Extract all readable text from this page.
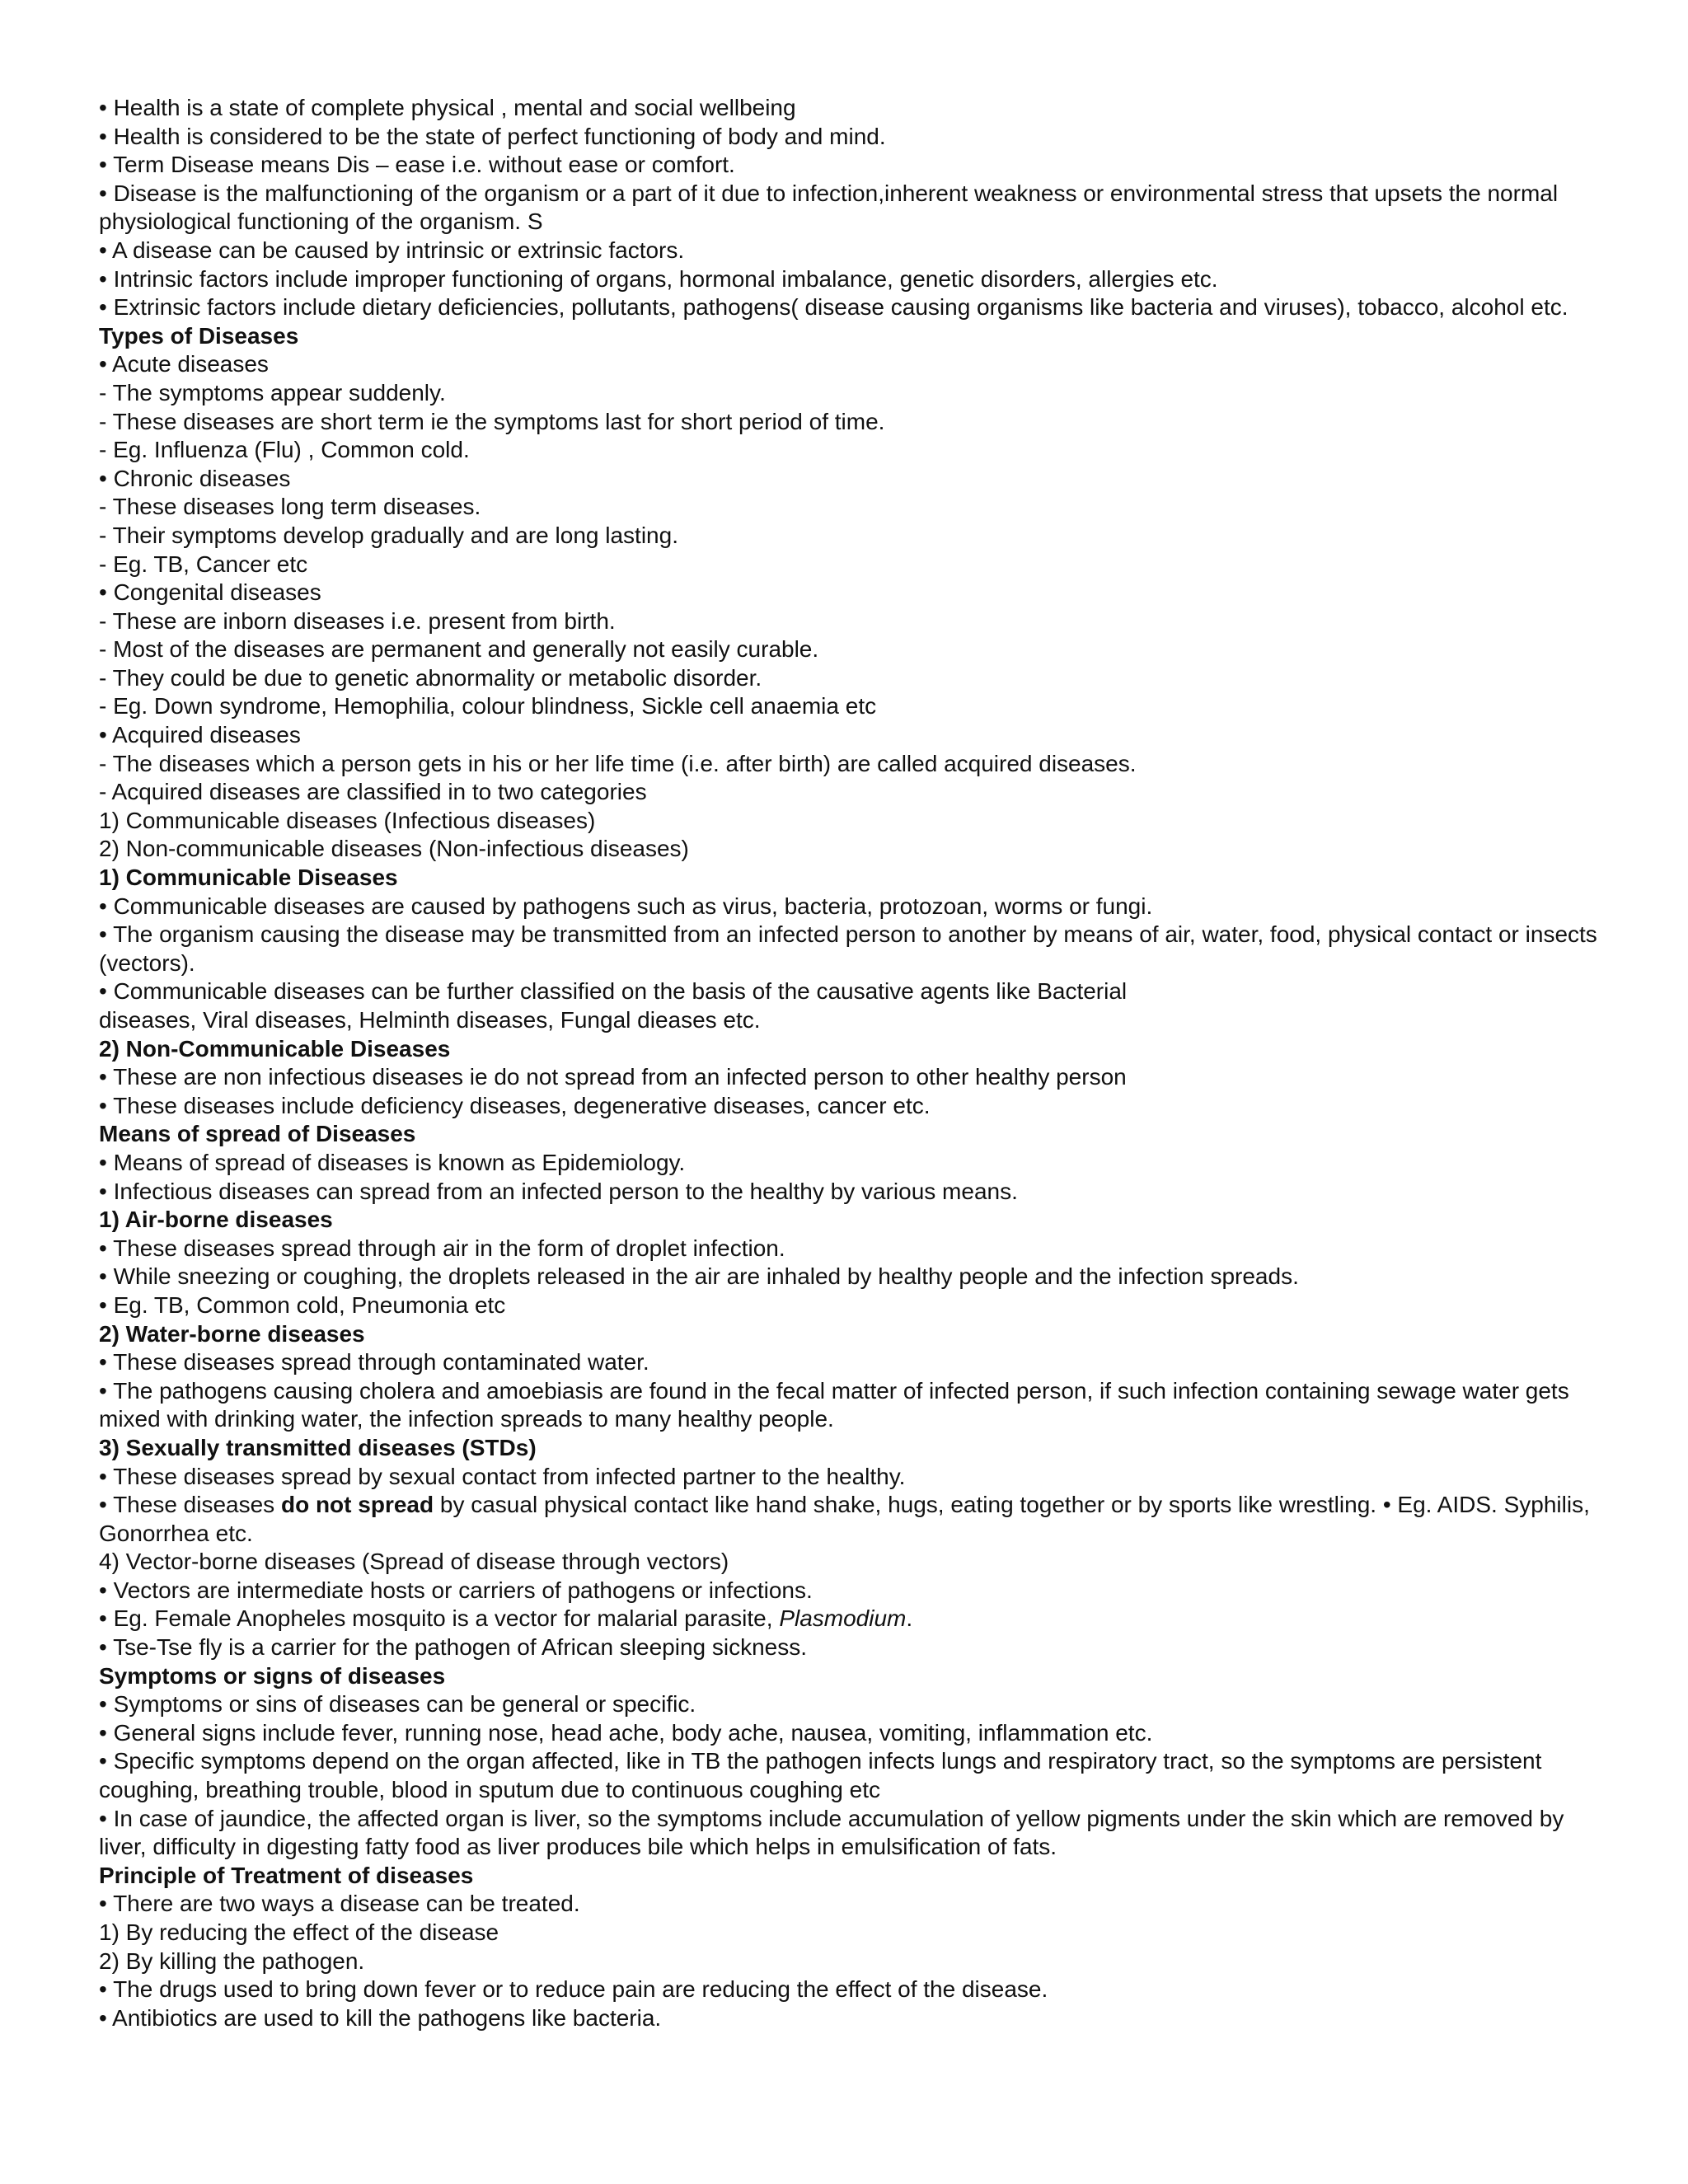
• Health is a state of complete physical , mental and social wellbeing

• Health is considered to be the state of perfect functioning of body and mind.

• Term Disease means Dis – ease i.e. without ease or comfort.

• Disease is the malfunctioning of the organism or a part of it due to infection,inherent weakness or environmental stress that upsets the normal physiological functioning of the organism. S

• A disease can be caused by intrinsic or extrinsic factors.

• Intrinsic factors include improper functioning of organs, hormonal imbalance, genetic disorders, allergies etc.

• Extrinsic factors include dietary deficiencies, pollutants, pathogens( disease causing organisms like bacteria and viruses), tobacco, alcohol etc.

Types of Diseases

• Acute diseases

- The symptoms appear suddenly.

- These diseases are short term ie the symptoms last for short period of time.

- Eg. Influenza (Flu) , Common cold.

• Chronic diseases

- These diseases long term diseases.

- Their symptoms develop gradually and are long lasting.

- Eg. TB, Cancer etc

• Congenital diseases

- These are inborn diseases i.e. present from birth.

- Most of the diseases are permanent and generally not easily curable.

- They could be due to genetic abnormality or metabolic disorder.

- Eg. Down syndrome, Hemophilia, colour blindness, Sickle cell anaemia etc

• Acquired diseases

- The diseases which a person gets in his or her life time (i.e. after birth) are called acquired diseases.

- Acquired diseases are classified in to two categories

1) Communicable diseases (Infectious diseases)

2) Non-communicable diseases (Non-infectious diseases)

1) Communicable Diseases

• Communicable diseases are caused by pathogens such as virus, bacteria, protozoan, worms or fungi.

• The organism causing the disease may be transmitted from an infected person to another by means of air, water, food, physical contact or insects (vectors).

• Communicable diseases can be further classified on the basis of the causative agents like Bacterial

diseases, Viral diseases, Helminth diseases, Fungal dieases etc.

2) Non-Communicable Diseases

• These are non infectious diseases ie do not spread from an infected person to other healthy person

• These diseases include deficiency diseases, degenerative diseases, cancer etc.

Means of spread of Diseases

• Means of spread of diseases is known as Epidemiology.

• Infectious diseases can spread from an infected person to the healthy by various means.

1) Air-borne diseases

• These diseases spread through air in the form of droplet infection.

• While sneezing or coughing, the droplets released in the air are inhaled by healthy people and the infection spreads.

• Eg. TB, Common cold, Pneumonia etc

2) Water-borne diseases

• These diseases spread through contaminated water.

• The pathogens causing cholera and amoebiasis are found in the fecal matter of infected person, if such infection containing sewage water gets mixed with drinking water, the infection spreads to many healthy people.

3) Sexually transmitted diseases (STDs)

• These diseases spread by sexual contact from infected partner to the healthy.

• These diseases do not spread by casual physical contact like hand shake, hugs, eating together or by sports like wrestling. • Eg. AIDS. Syphilis, Gonorrhea etc.

4) Vector-borne diseases (Spread of disease through vectors)

• Vectors are intermediate hosts or carriers of pathogens or infections.

• Eg. Female Anopheles mosquito is a vector for malarial parasite, Plasmodium.

• Tse-Tse fly is a carrier for the pathogen of African sleeping sickness.

Symptoms or signs of diseases

• Symptoms or sins of diseases can be general or specific.

• General signs include fever, running nose, head ache, body ache, nausea, vomiting, inflammation etc.

• Specific symptoms depend on the organ affected, like in TB the pathogen infects lungs and respiratory tract, so the symptoms are persistent coughing, breathing trouble, blood in sputum due to continuous coughing etc

• In case of jaundice, the affected organ is liver, so the symptoms include accumulation of yellow pigments under the skin which are removed by liver, difficulty in digesting fatty food as liver produces bile which helps in emulsification of fats.

Principle of Treatment of diseases

• There are two ways a disease can be treated.

1) By reducing the effect of the disease

2) By killing the pathogen.

• The drugs used to bring down fever or to reduce pain are reducing the effect of the disease.

• Antibiotics are used to kill the pathogens like bacteria.
